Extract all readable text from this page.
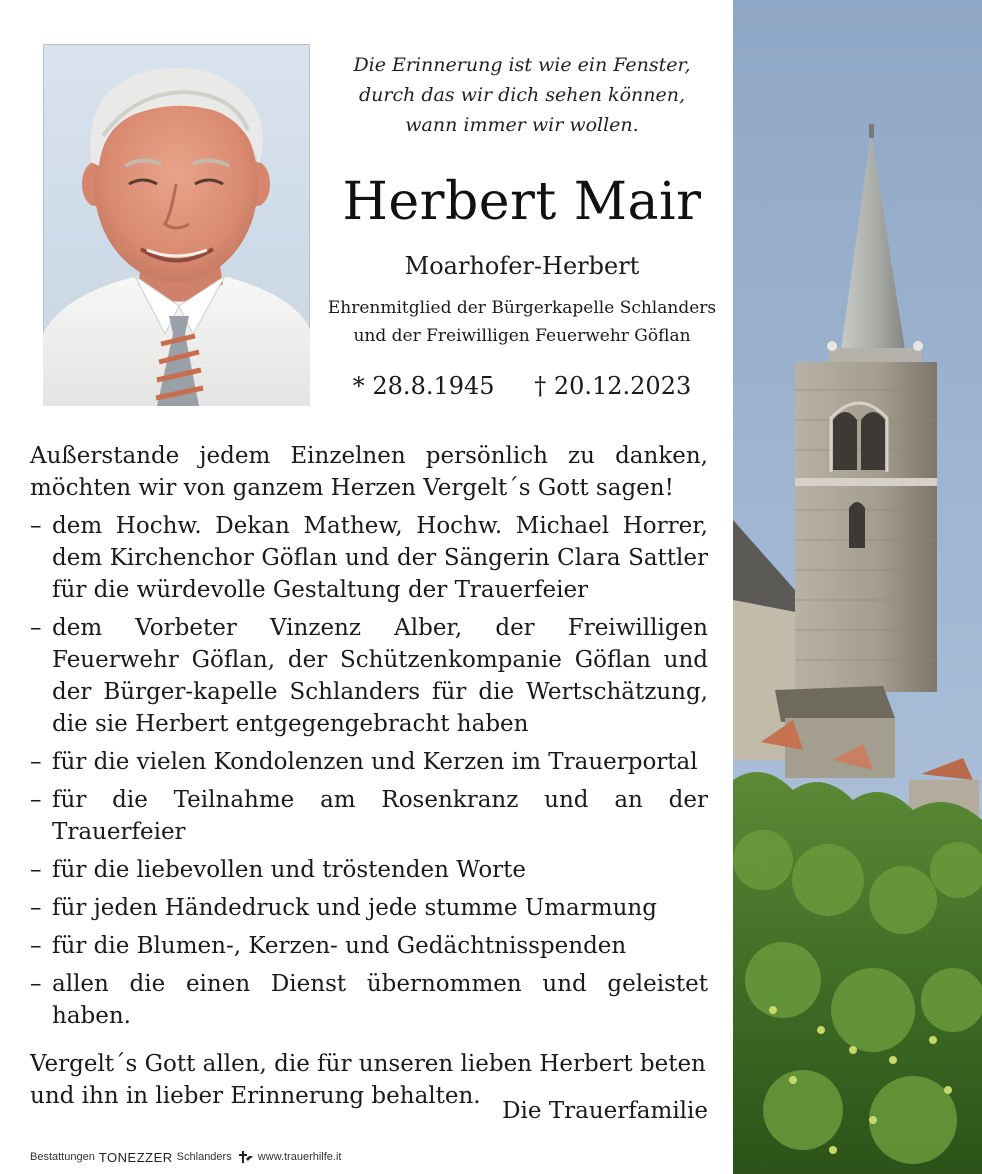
Die Erinnerung ist wie ein Fenster,
durch das wir dich sehen können,
wann immer wir wollen.
Herbert Mair
Moarhofer-Herbert
Ehrenmitglied der Bürgerkapelle Schlanders
und der Freiwilligen Feuerwehr Göflan
* 28.8.1945 † 20.12.2023
Außerstande jedem Einzelnen persönlich zu danken,
möchten wir von ganzem Herzen Vergelt´s Gott sagen!
– dem Hochw. Dekan Mathew, Hochw. Michael Horrer, dem Kirchenchor Göflan und der Sängerin Clara Sattler für die würdevolle Gestaltung der Trauerfeier
– dem Vorbeter Vinzenz Alber, der Freiwilligen Feuerwehr Göflan, der Schützenkompanie Göflan und der Bürger-kapelle Schlanders für die Wertschätzung, die sie Herbert entgegengebracht haben
– für die vielen Kondolenzen und Kerzen im Trauerportal
– für die Teilnahme am Rosenkranz und an der Trauerfeier
– für die liebevollen und tröstenden Worte
– für jeden Händedruck und jede stumme Umarmung
– für die Blumen-, Kerzen- und Gedächtnisspenden
– allen die einen Dienst übernommen und geleistet haben.
Vergelt´s Gott allen, die für unseren lieben Herbert beten
und ihn in lieber Erinnerung behalten.
Die Trauerfamilie
Bestattungen TONEZZER Schlanders www.trauerhilfe.it
